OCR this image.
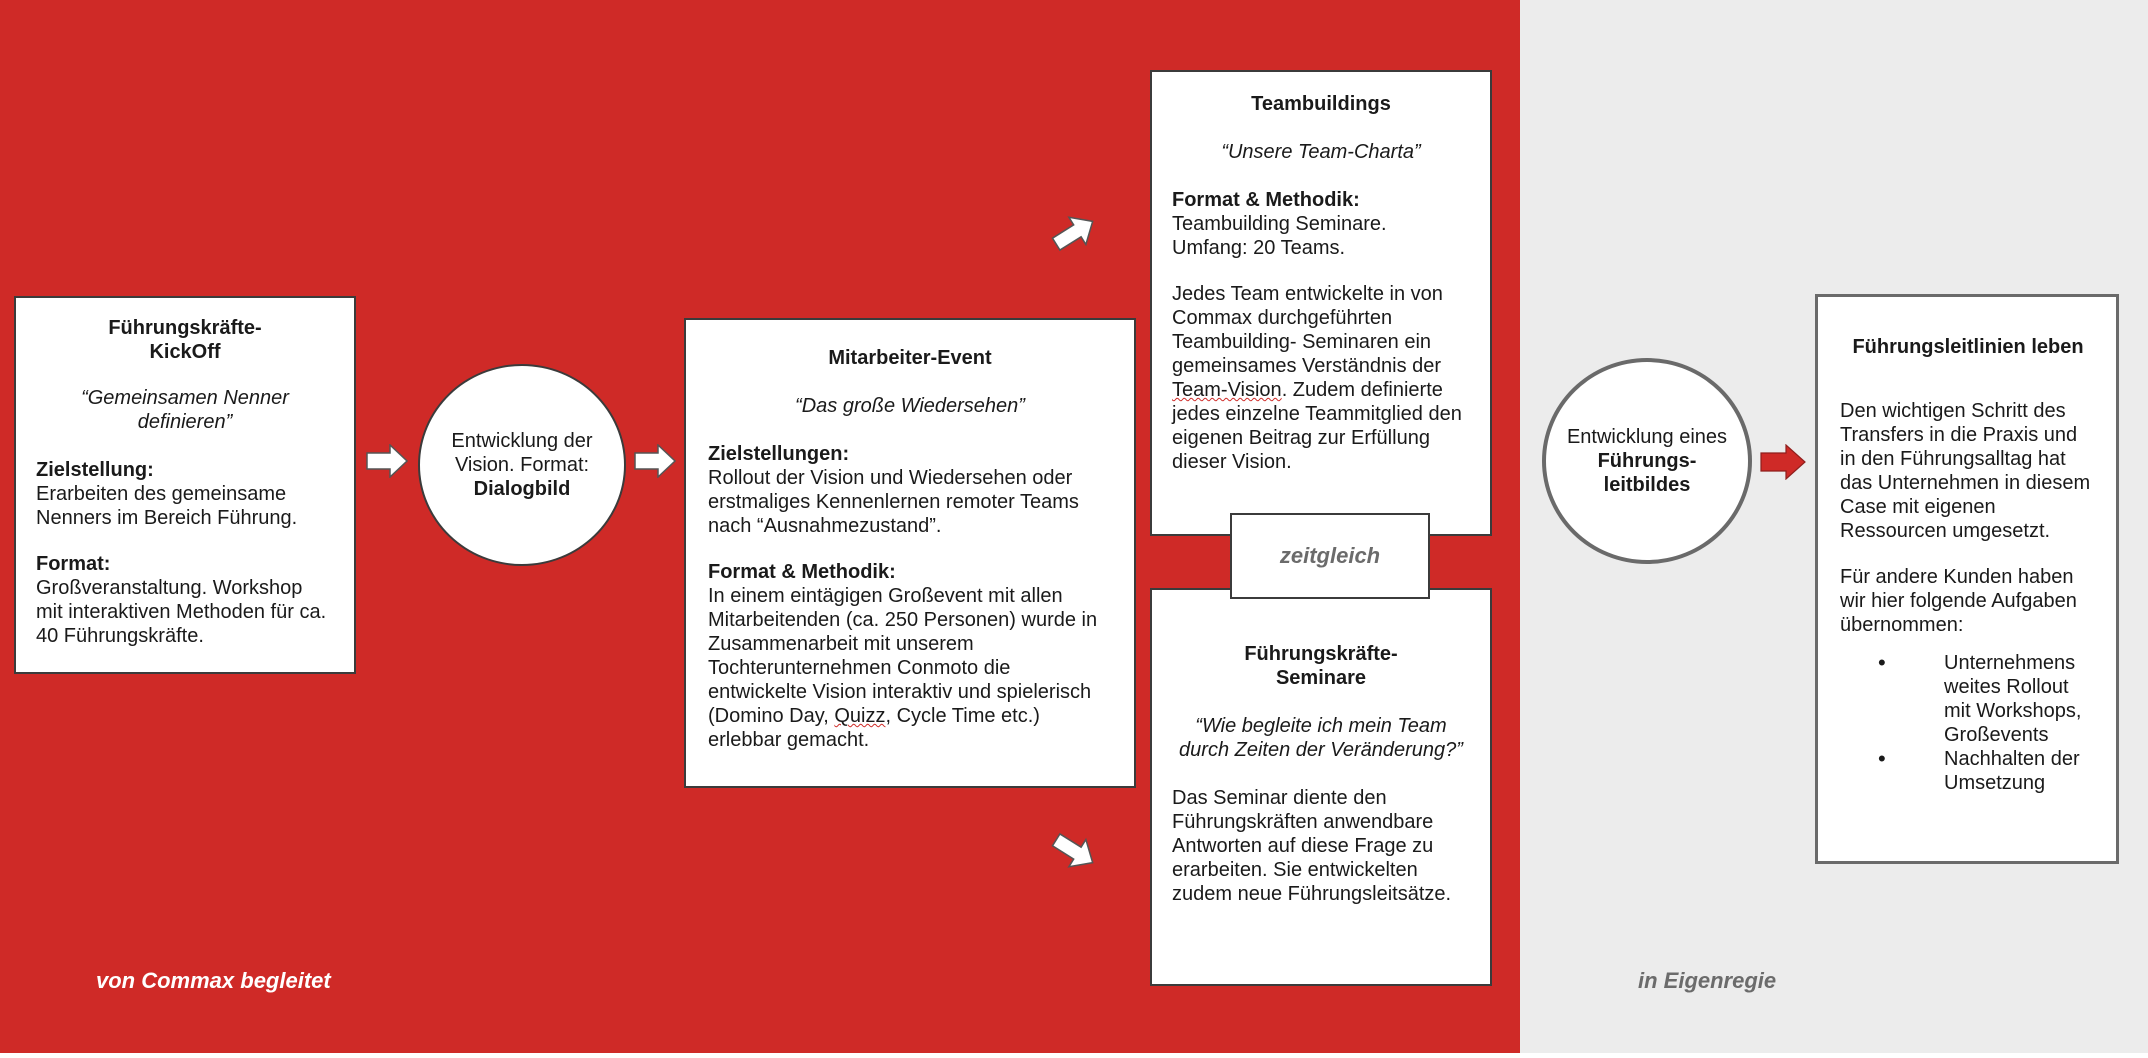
Führungskräfte-
KickOff
“Gemeinsamen Nenner definieren”
Zielstellung:
Erarbeiten des gemeinsame Nenners im Bereich Führung.
Format:
Großveranstaltung. Workshop mit interaktiven Methoden für ca. 40 Führungskräfte.
Entwicklung der Vision. Format:
Dialogbild
Mitarbeiter-Event
“Das große Wiedersehen”
Zielstellungen:
Rollout der Vision und Wiedersehen oder erstmaliges Kennenlernen remoter Teams nach “Ausnahmezustand”.
Format & Methodik:
In einem eintägigen Großevent mit allen Mitarbeitenden (ca. 250 Personen) wurde in Zusammenarbeit mit unserem Tochterunternehmen Conmoto die entwickelte Vision interaktiv und spielerisch (Domino Day, Quizz, Cycle Time etc.) erlebbar gemacht.
Teambuildings
“Unsere Team-Charta”
Format & Methodik:
Teambuilding Seminare.
Umfang: 20 Teams.
Jedes Team entwickelte in von Commax durchgeführten Teambuilding- Seminaren ein gemeinsames Verständnis der Team-Vision. Zudem definierte jedes einzelne Teammitglied den eigenen Beitrag zur Erfüllung dieser Vision.
Führungskräfte-
Seminare
“Wie begleite ich mein Team durch Zeiten der Veränderung?”
Das Seminar diente den Führungskräften anwendbare Antworten auf diese Frage zu erarbeiten. Sie entwickelten zudem neue Führungsleitsätze.
zeitgleich
Entwicklung eines Führungs-leitbildes
Führungsleitlinien leben
Den wichtigen Schritt des Transfers in die Praxis und in den Führungsalltag hat das Unternehmen in diesem Case mit eigenen Ressourcen umgesetzt.
Für andere Kunden haben wir hier folgende Aufgaben übernommen:
• Unternehmens weites Rollout mit Workshops, Großevents
• Nachhalten der Umsetzung
von Commax begleitet	in Eigenregie
